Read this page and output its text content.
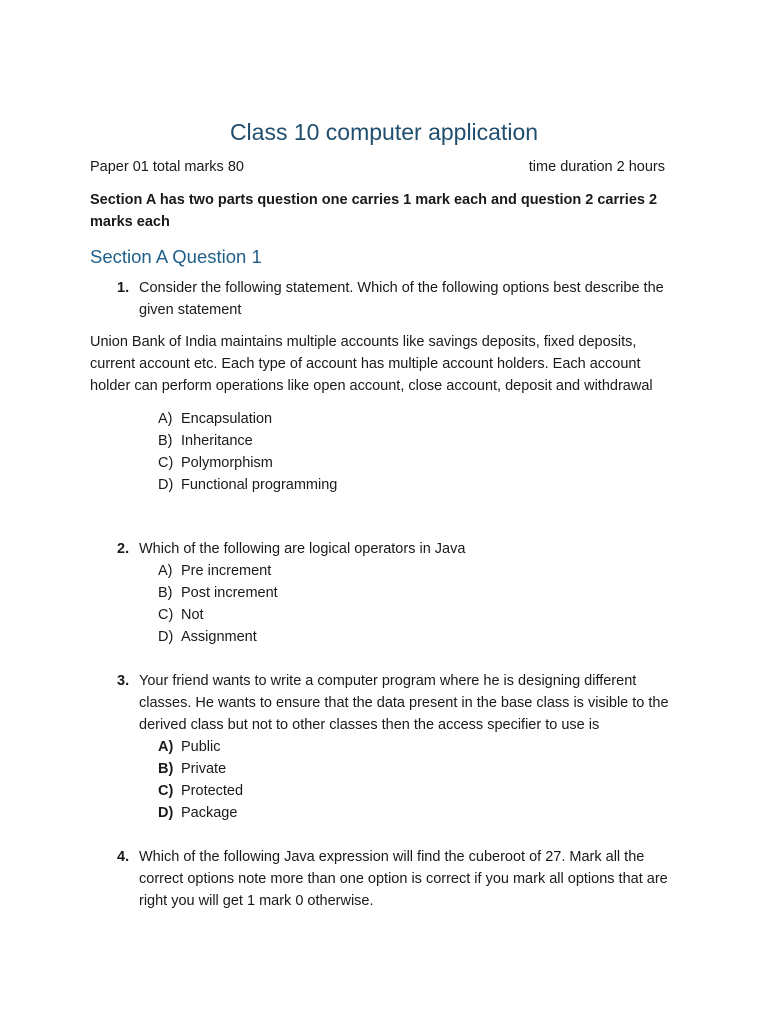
Class 10 computer application
Paper 01 total marks 80	time duration 2 hours
Section A has two parts question one carries 1 mark each and question 2 carries 2 marks each
Section A Question 1
1. Consider the following statement. Which of the following options best describe the given statement
Union Bank of India maintains multiple accounts like savings deposits, fixed deposits, current account etc. Each type of account has multiple account holders. Each account holder can perform operations like open account, close account, deposit and withdrawal
A) Encapsulation
B) Inheritance
C) Polymorphism
D) Functional programming
2. Which of the following are logical operators in Java
A) Pre increment
B) Post increment
C) Not
D) Assignment
3. Your friend wants to write a computer program where he is designing different classes. He wants to ensure that the data present in the base class is visible to the derived class but not to other classes then the access specifier to use is
A) Public
B) Private
C) Protected
D) Package
4. Which of the following Java expression will find the cuberoot of 27. Mark all the correct options note more than one option is correct if you mark all options that are right you will get 1 mark 0 otherwise.
